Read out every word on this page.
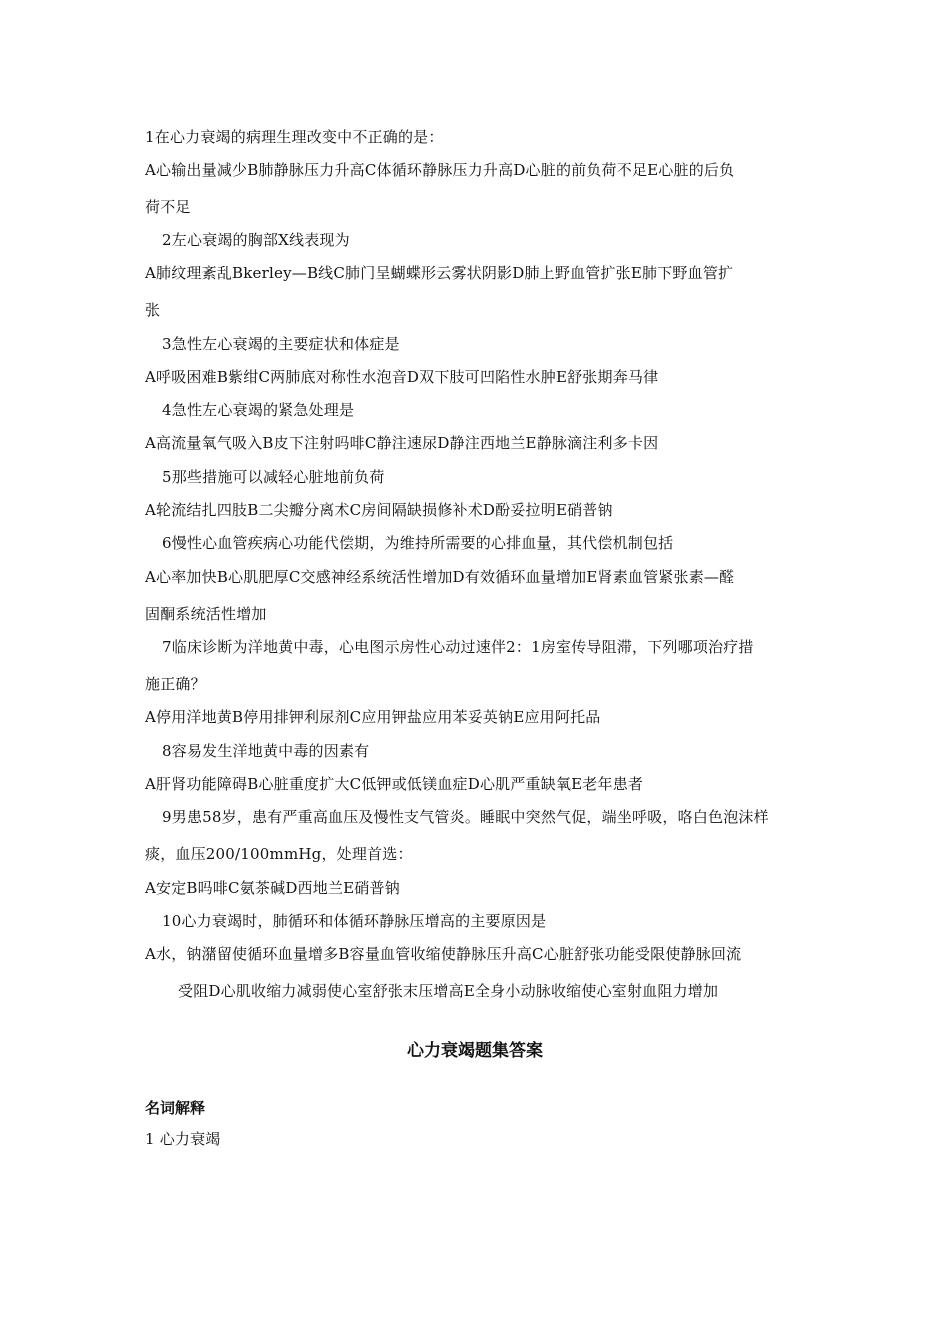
1在心力衰竭的病理生理改变中不正确的是：
A心输出量减少B肺静脉压力升高C体循环静脉压力升高D心脏的前负荷不足E心脏的后负
荷不足
2左心衰竭的胸部X线表现为
A肺纹理紊乱Bkerley—B线C肺门呈蝴蝶形云雾状阴影D肺上野血管扩张E肺下野血管扩
张
3急性左心衰竭的主要症状和体症是
A呼吸困难B紫绀C两肺底对称性水泡音D双下肢可凹陷性水肿E舒张期奔马律
4急性左心衰竭的紧急处理是
A高流量氧气吸入B皮下注射吗啡C静注速尿D静注西地兰E静脉滴注利多卡因
5那些措施可以减轻心脏地前负荷
A轮流结扎四肢B二尖瓣分离术C房间隔缺损修补术D酚妥拉明E硝普钠
6慢性心血管疾病心功能代偿期，为维持所需要的心排血量，其代偿机制包括
A心率加快B心肌肥厚C交感神经系统活性增加D有效循环血量增加E肾素血管紧张素—醛
固酮系统活性增加
7临床诊断为洋地黄中毒，心电图示房性心动过速伴2：1房室传导阻滞，下列哪项治疗措
施正确？
A停用洋地黄B停用排钾利尿剂C应用钾盐应用苯妥英钠E应用阿托品
8容易发生洋地黄中毒的因素有
A肝肾功能障碍B心脏重度扩大C低钾或低镁血症D心肌严重缺氧E老年患者
9男患58岁，患有严重高血压及慢性支气管炎。睡眠中突然气促，端坐呼吸，咯白色泡沫样
痰，血压200/100mmHg，处理首选：
A安定B吗啡C氨茶碱D西地兰E硝普钠
10心力衰竭时，肺循环和体循环静脉压增高的主要原因是
A水，钠潴留使循环血量增多B容量血管收缩使静脉压升高C心脏舒张功能受限使静脉回流
受阻D心肌收缩力减弱使心室舒张末压增高E全身小动脉收缩使心室射血阻力增加
心力衰竭题集答案
名词解释
1 心力衰竭
